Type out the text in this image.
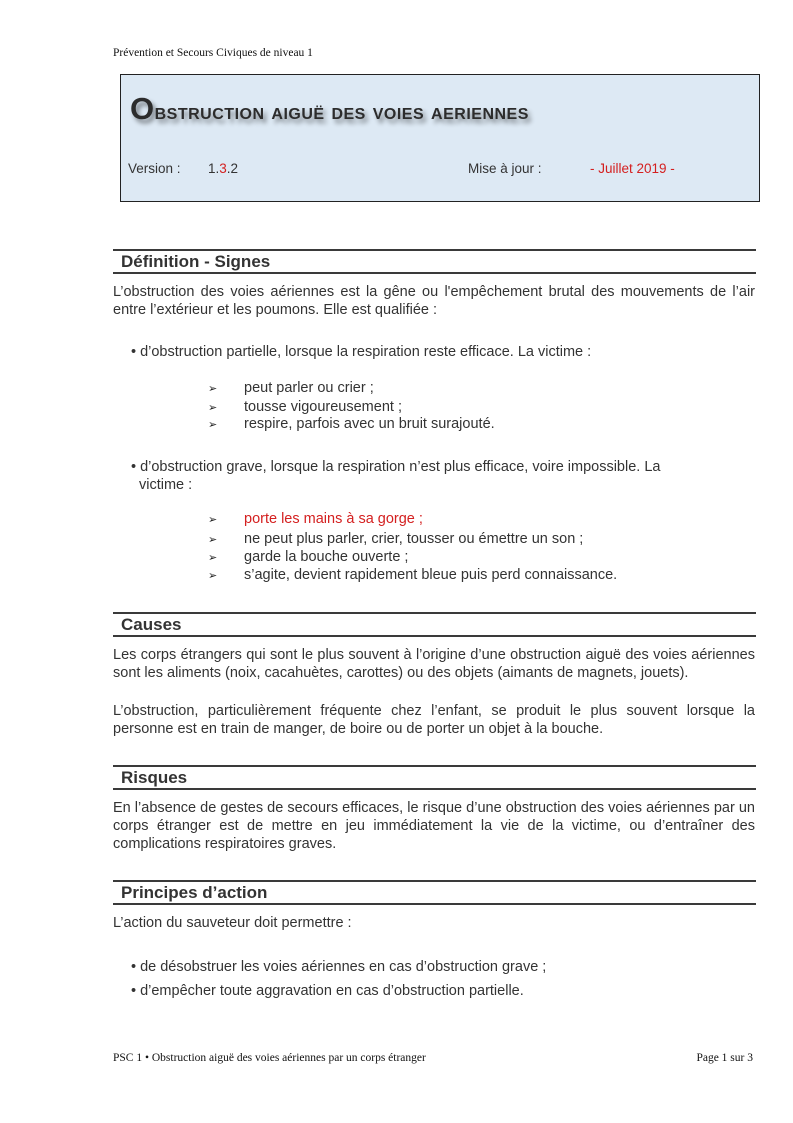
Prévention et Secours Civiques de niveau 1
Obstruction aiguë des voies aeriennes
Version : 1.3.2	Mise à jour :	- Juillet 2019 -
Définition - Signes

L’obstruction des voies aériennes est la gêne ou l'empêchement brutal des mouvements de l’air entre l’extérieur et les poumons. Elle est qualifiée :

• d’obstruction partielle, lorsque la respiration reste efficace. La victime :
➢ peut parler ou crier ;
➢ tousse vigoureusement ;
➢ respire, parfois avec un bruit surajouté.
• d’obstruction grave, lorsque la respiration n’est plus efficace, voire impossible. La
victime :
➢ porte les mains à sa gorge ;
➢ ne peut plus parler, crier, tousser ou émettre un son ;
➢ garde la bouche ouverte ;
➢ s’agite, devient rapidement bleue puis perd connaissance.
Causes

Les corps étrangers qui sont le plus souvent à l’origine d’une obstruction aiguë des voies aériennes sont les aliments (noix, cacahuètes, carottes) ou des objets (aimants de magnets, jouets).

L’obstruction, particulièrement fréquente chez l’enfant, se produit le plus souvent lorsque la personne est en train de manger, de boire ou de porter un objet à la bouche.

Risques

En l’absence de gestes de secours efficaces, le risque d’une obstruction des voies aériennes par un corps étranger est de mettre en jeu immédiatement la vie de la victime, ou d’entraîner des complications respiratoires graves.

Principes d’action

L’action du sauveteur doit permettre :

• de désobstruer les voies aériennes en cas d’obstruction grave ;
• d’empêcher toute aggravation en cas d’obstruction partielle.
PSC 1 • Obstruction aiguë des voies aériennes par un corps étranger	Page 1 sur 3
